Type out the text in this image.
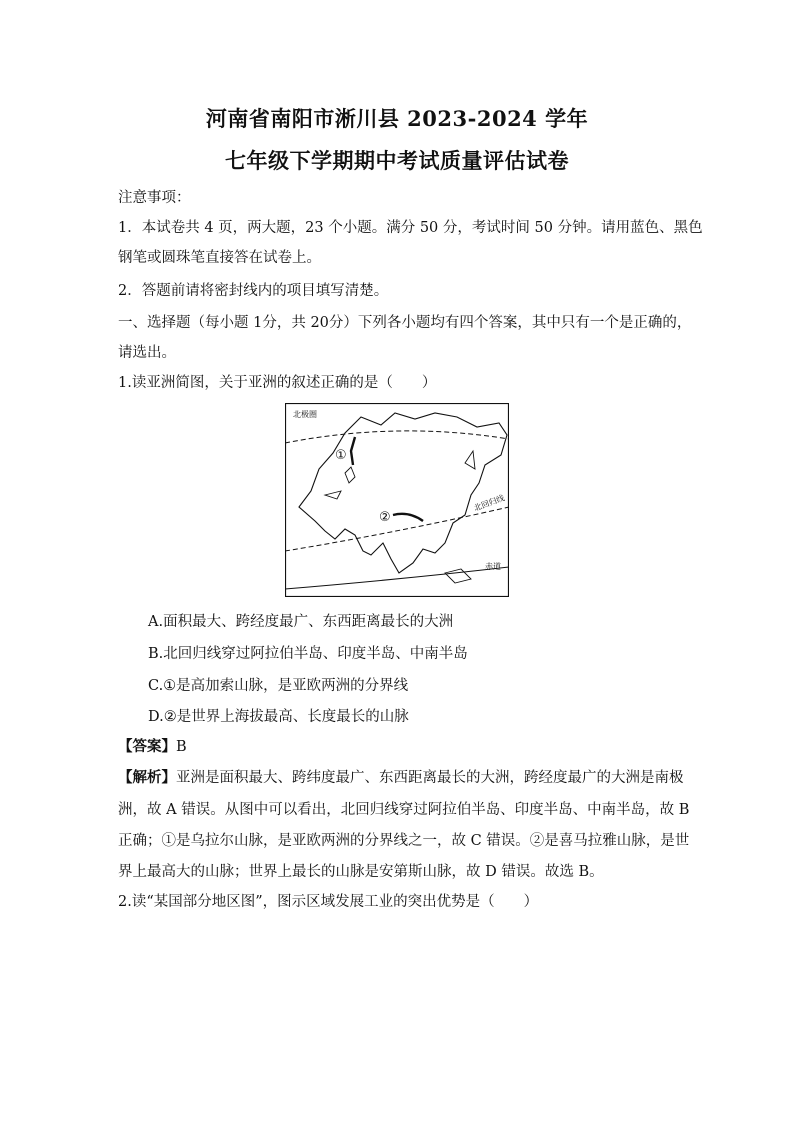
河南省南阳市淅川县 2023-2024 学年
七年级下学期期中考试质量评估试卷
注意事项：
1．本试卷共 4 页，两大题，23 个小题。满分 50 分，考试时间 50 分钟。请用蓝色、黑色
钢笔或圆珠笔直接答在试卷上。
2．答题前请将密封线内的项目填写清楚。
一、选择题（每小题 1分，共 20分）下列各小题均有四个答案，其中只有一个是正确的，
请选出。
1.读亚洲简图，关于亚洲的叙述正确的是（　　）
北极圈
北回归线
赤道
①
②
A.面积最大、跨经度最广、东西距离最长的大洲
B.北回归线穿过阿拉伯半岛、印度半岛、中南半岛
C.①是高加索山脉，是亚欧两洲的分界线
D.②是世界上海拔最高、长度最长的山脉
【答案】B
【解析】亚洲是面积最大、跨纬度最广、东西距离最长的大洲，跨经度最广的大洲是南极
洲，故 A 错误。从图中可以看出，北回归线穿过阿拉伯半岛、印度半岛、中南半岛，故 B
正确；①是乌拉尔山脉，是亚欧两洲的分界线之一，故 C 错误。②是喜马拉雅山脉，是世
界上最高大的山脉；世界上最长的山脉是安第斯山脉，故 D 错误。故选 B。
2.读“某国部分地区图”，图示区域发展工业的突出优势是（　　）
